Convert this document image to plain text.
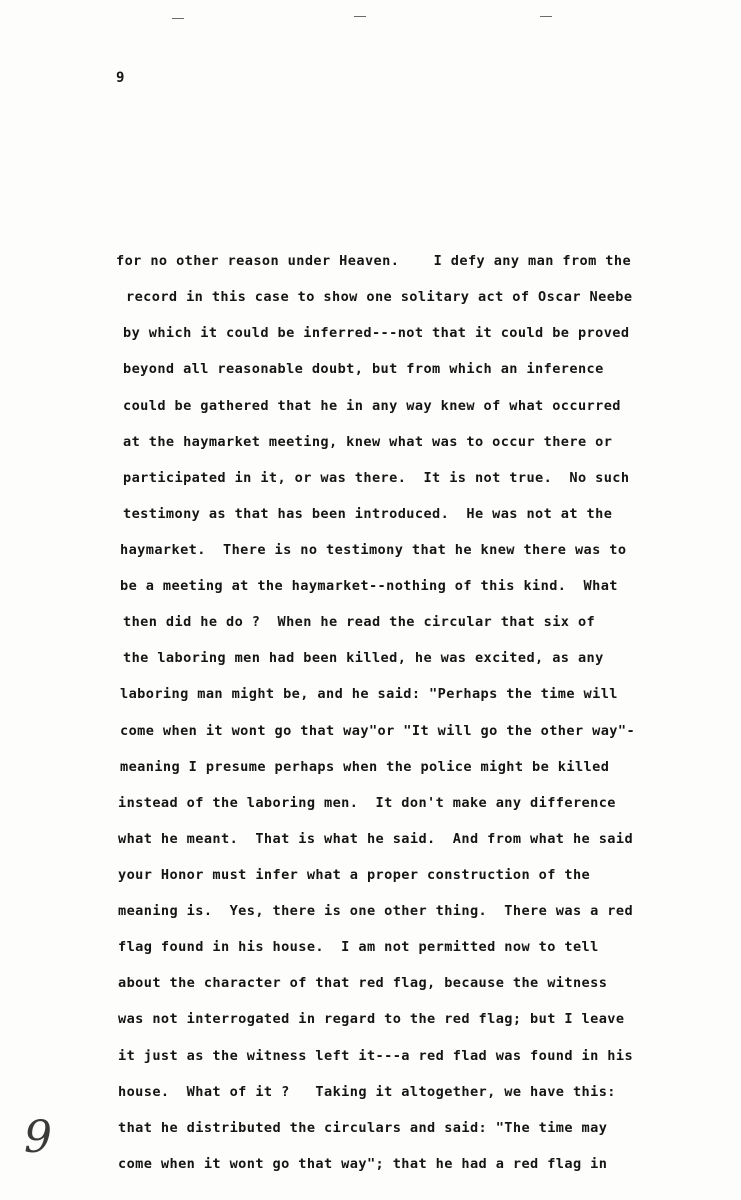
9
for no other reason under Heaven.    I defy any man from the
record in this case to show one solitary act of Oscar Neebe
by which it could be inferred---not that it could be proved
beyond all reasonable doubt, but from which an inference
could be gathered that he in any way knew of what occurred
at the haymarket meeting, knew what was to occur there or
participated in it, or was there.  It is not true.  No such
testimony as that has been introduced.  He was not at the
haymarket.  There is no testimony that he knew there was to
be a meeting at the haymarket--nothing of this kind.  What
then did he do ?  When he read the circular that six of
the laboring men had been killed, he was excited, as any
laboring man might be, and he said: "Perhaps the time will
come when it wont go that way"or "It will go the other way"-
meaning I presume perhaps when the police might be killed
instead of the laboring men.  It don't make any difference
what he meant.  That is what he said.  And from what he said
your Honor must infer what a proper construction of the
meaning is.  Yes, there is one other thing.  There was a red
flag found in his house.  I am not permitted now to tell
about the character of that red flag, because the witness
was not interrogated in regard to the red flag; but I leave
it just as the witness left it---a red flad was found in his
house.  What of it ?   Taking it altogether, we have this:
that he distributed the circulars and said: "The time may
come when it wont go that way"; that he had a red flag in
9
